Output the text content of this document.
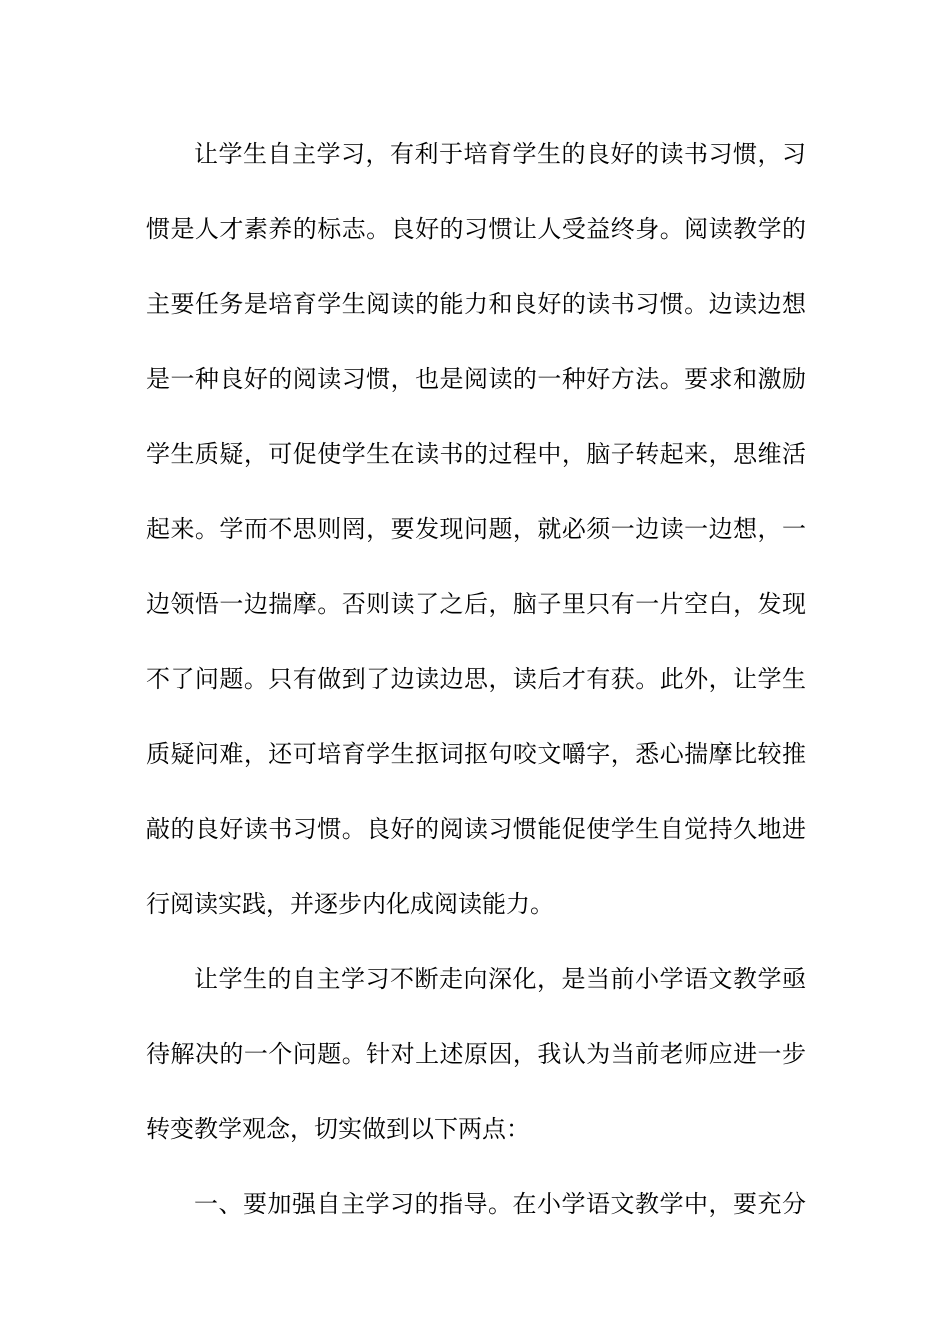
让学生自主学习，有利于培育学生的良好的读书习惯，习
惯是人才素养的标志。良好的习惯让人受益终身。阅读教学的
主要任务是培育学生阅读的能力和良好的读书习惯。边读边想
是一种良好的阅读习惯，也是阅读的一种好方法。要求和激励
学生质疑，可促使学生在读书的过程中，脑子转起来，思维活
起来。学而不思则罔，要发现问题，就必须一边读一边想，一
边领悟一边揣摩。否则读了之后，脑子里只有一片空白，发现
不了问题。只有做到了边读边思，读后才有获。此外，让学生
质疑问难，还可培育学生抠词抠句咬文嚼字，悉心揣摩比较推
敲的良好读书习惯。良好的阅读习惯能促使学生自觉持久地进
行阅读实践，并逐步内化成阅读能力。
让学生的自主学习不断走向深化，是当前小学语文教学亟
待解决的一个问题。针对上述原因，我认为当前老师应进一步
转变教学观念，切实做到以下两点：
一、要加强自主学习的指导。在小学语文教学中，要充分
